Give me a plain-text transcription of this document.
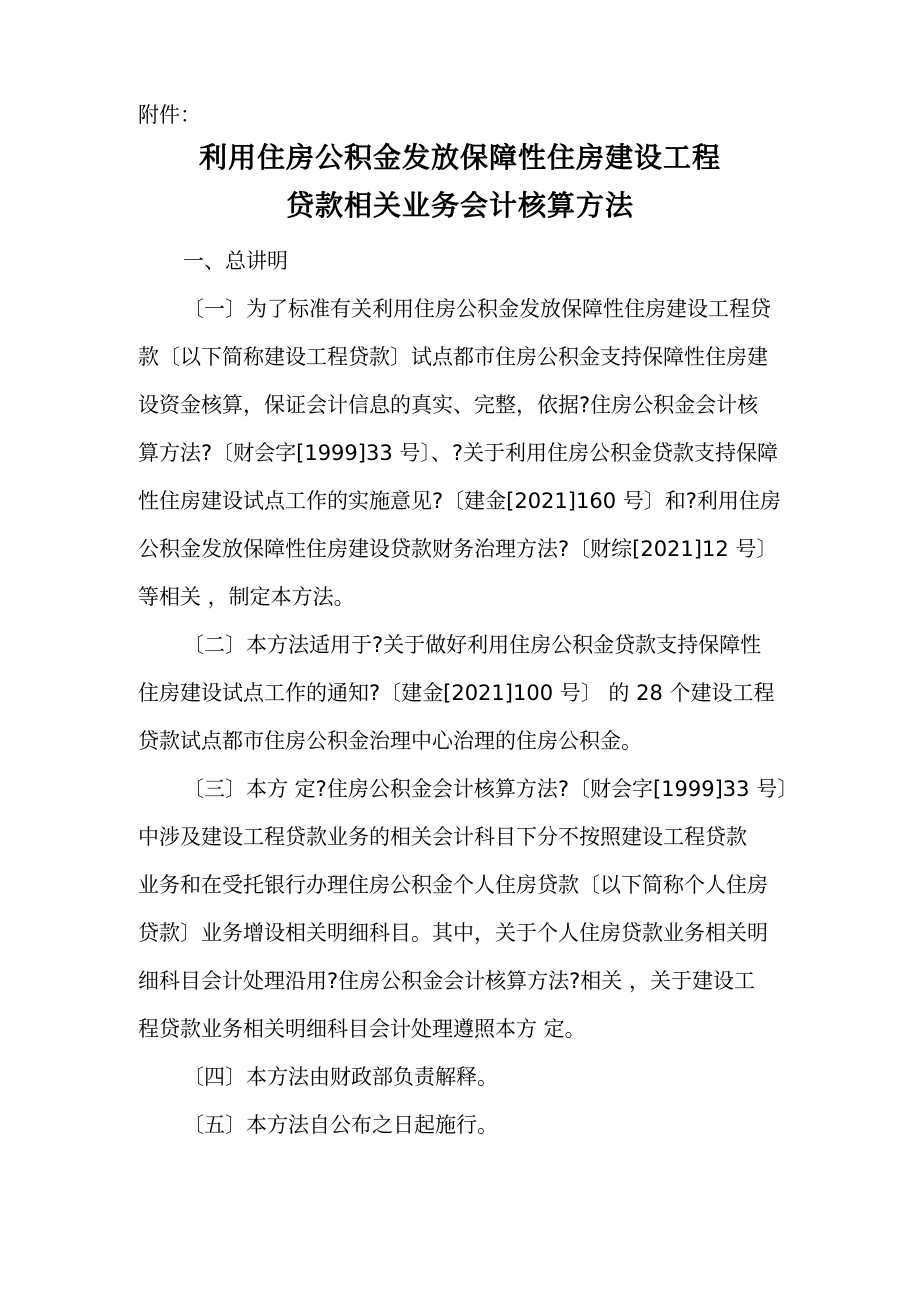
附件：
利用住房公积金发放保障性住房建设工程
贷款相关业务会计核算方法
一、总讲明
〔一〕为了标准有关利用住房公积金发放保障性住房建设工程贷
款〔以下简称建设工程贷款〕试点都市住房公积金支持保障性住房建
设资金核算，保证会计信息的真实、完整，依据?住房公积金会计核
算方法?〔财会字[1999]33 号〕、?关于利用住房公积金贷款支持保障
性住房建设试点工作的实施意见?〔建金[2021]160 号〕和?利用住房
公积金发放保障性住房建设贷款财务治理方法?〔财综[2021]12 号〕
等相关 ，制定本方法。
〔二〕本方法适用于?关于做好利用住房公积金贷款支持保障性
住房建设试点工作的通知?〔建金[2021]100 号〕 的 28 个建设工程
贷款试点都市住房公积金治理中心治理的住房公积金。
〔三〕本方 定?住房公积金会计核算方法?〔财会字[1999]33 号〕
中涉及建设工程贷款业务的相关会计科目下分不按照建设工程贷款
业务和在受托银行办理住房公积金个人住房贷款〔以下简称个人住房
贷款〕业务增设相关明细科目。其中，关于个人住房贷款业务相关明
细科目会计处理沿用?住房公积金会计核算方法?相关 ，关于建设工
程贷款业务相关明细科目会计处理遵照本方 定。
〔四〕本方法由财政部负责解释。
〔五〕本方法自公布之日起施行。
